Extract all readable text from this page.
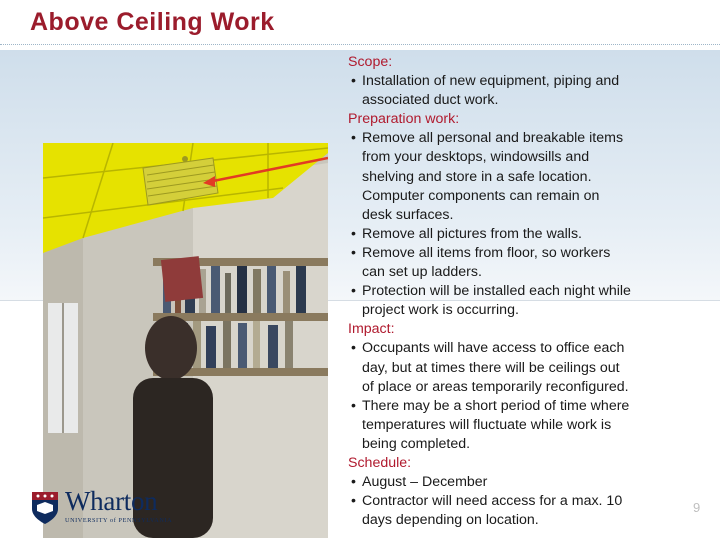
Above Ceiling Work
Scope:
• Installation of new equipment, piping and
associated duct work.
Preparation work:
• Remove all personal and breakable items
from your desktops, windowsills and
shelving and store in a safe location.
Computer components can remain on
desk surfaces.
• Remove all pictures from the walls.
• Remove all items from floor, so workers
can set up ladders.
• Protection will be installed each night while
project work is occurring.
Impact:
• Occupants will have access to office each
day, but at times there will be ceilings out
of place or areas temporarily reconfigured.
• There may be a short period of time where
temperatures will fluctuate while work is
being completed.
Schedule:
• August – December
• Contractor will need access for a max. 10
days depending on location.
Wharton
UNIVERSITY of PENNSYLVANIA
9
